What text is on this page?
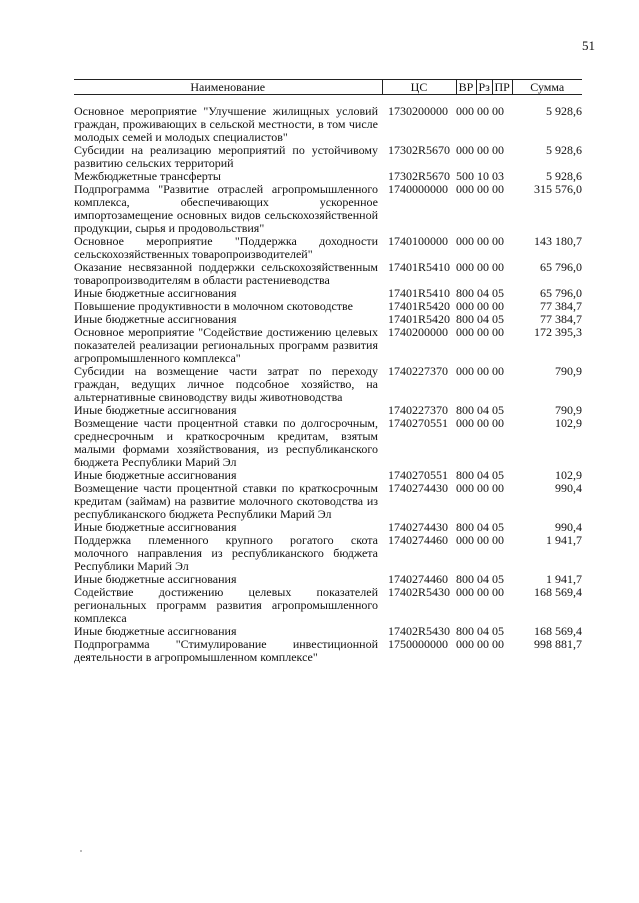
51
Наименование	ЦС	ВР	Рз	ПР	Сумма
Основное мероприятие "Улучшение жилищных условий граждан, проживающих в сельской местности, в том числе молодых семей и молодых специалистов"	1730200000	000 00 00			5 928,6
Субсидии на реализацию мероприятий по устойчивому развитию сельских территорий	17302R5670	000 00 00			5 928,6
Межбюджетные трансферты	17302R5670	500 10 03			5 928,6
Подпрограмма "Развитие отраслей агропромышленного комплекса, обеспечивающих ускоренное импортозамещение основных видов сельскохозяйственной продукции, сырья и продовольствия"	1740000000	000 00 00			315 576,0
Основное мероприятие "Поддержка доходности сельскохозяйственных товаропроизводителей"	1740100000	000 00 00			143 180,7
Оказание несвязанной поддержки сельскохозяйственным товаропроизводителям в области растениеводства	17401R5410	000 00 00			65 796,0
Иные бюджетные ассигнования	17401R5410	800 04 05			65 796,0
Повышение продуктивности в молочном скотоводстве	17401R5420	000 00 00			77 384,7
Иные бюджетные ассигнования	17401R5420	800 04 05			77 384,7
Основное мероприятие "Содействие достижению целевых показателей реализации региональных программ развития агропромышленного комплекса"	1740200000	000 00 00			172 395,3
Субсидии на возмещение части затрат по переходу граждан, ведущих личное подсобное хозяйство, на альтернативные свиноводству виды животноводства	1740227370	000 00 00			790,9
Иные бюджетные ассигнования	1740227370	800 04 05			790,9
Возмещение части процентной ставки по долгосрочным, среднесрочным и краткосрочным кредитам, взятым малыми формами хозяйствования, из республиканского бюджета Республики Марий Эл	1740270551	000 00 00			102,9
Иные бюджетные ассигнования	1740270551	800 04 05			102,9
Возмещение части процентной ставки по краткосрочным кредитам (займам) на развитие молочного скотоводства из республиканского бюджета Республики Марий Эл	1740274430	000 00 00			990,4
Иные бюджетные ассигнования	1740274430	800 04 05			990,4
Поддержка племенного крупного рогатого скота молочного направления из республиканского бюджета Республики Марий Эл	1740274460	000 00 00			1 941,7
Иные бюджетные ассигнования	1740274460	800 04 05			1 941,7
Содействие достижению целевых показателей региональных программ развития агропромышленного комплекса	17402R5430	000 00 00			168 569,4
Иные бюджетные ассигнования	17402R5430	800 04 05			168 569,4
Подпрограмма "Стимулирование инвестиционной деятельности в агропромышленном комплексе"	1750000000	000 00 00			998 881,7
